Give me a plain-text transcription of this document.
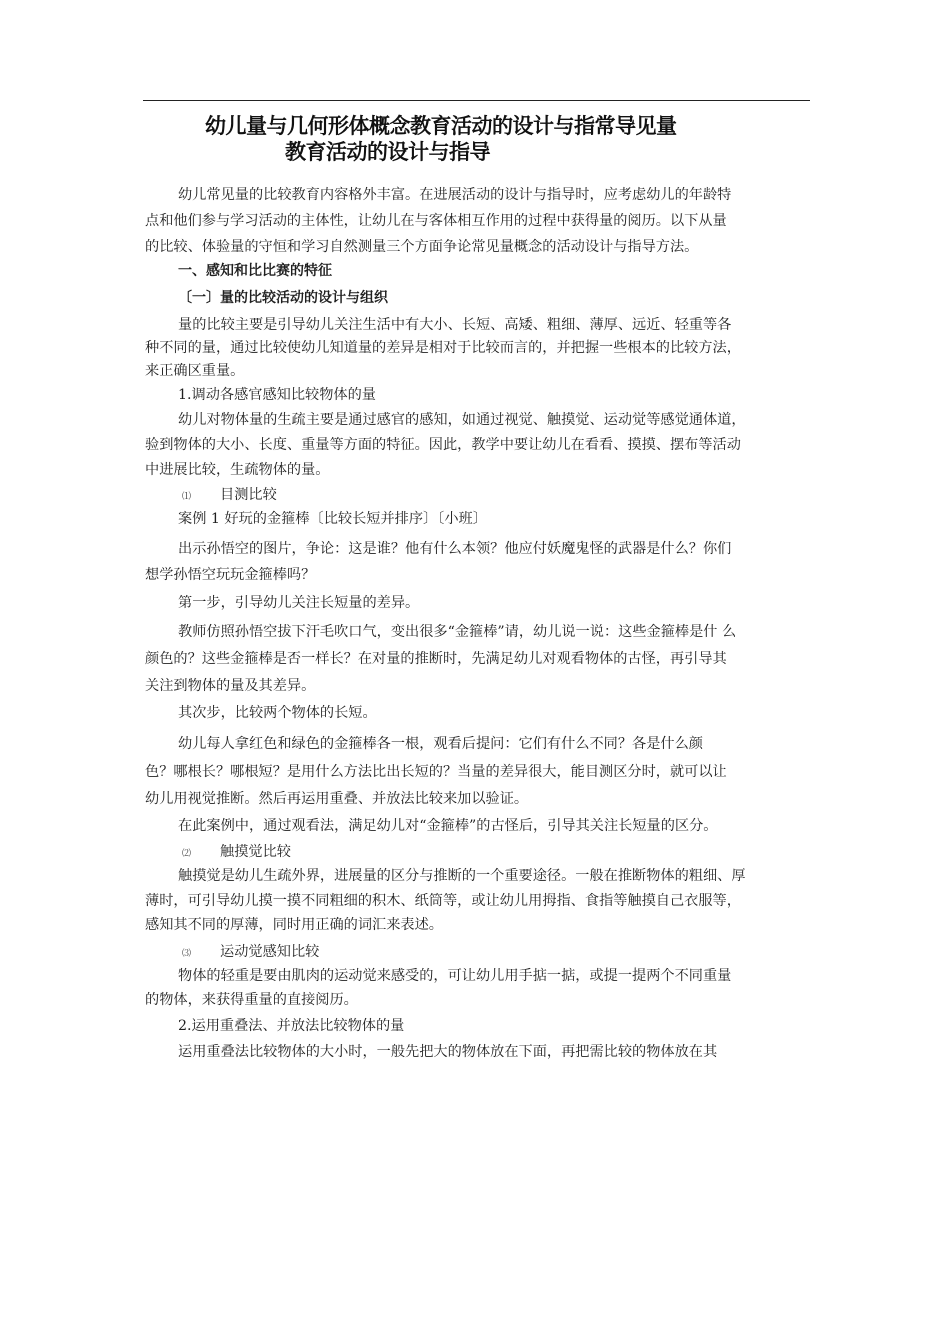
幼儿量与几何形体概念教育活动的设计与指常导见量
教育活动的设计与指导
幼儿常见量的比较教育内容格外丰富。在进展活动的设计与指导时，应考虑幼儿的年龄特
点和他们参与学习活动的主体性，让幼儿在与客体相互作用的过程中获得量的阅历。以下从量
的比较、体验量的守恒和学习自然测量三个方面争论常见量概念的活动设计与指导方法。
一、感知和比比赛的特征
〔一〕量的比较活动的设计与组织
量的比较主要是引导幼儿关注生活中有大小、长短、高矮、粗细、薄厚、远近、轻重等各
种不同的量，通过比较使幼儿知道量的差异是相对于比较而言的，并把握一些根本的比较方法，
来正确区重量。
1.调动各感官感知比较物体的量
幼儿对物体量的生疏主要是通过感官的感知，如通过视觉、触摸觉、运动觉等感觉通体道，
验到物体的大小、长度、重量等方面的特征。因此，教学中要让幼儿在看看、摸摸、摆布等活动
中进展比较，生疏物体的量。
⑴ 目测比较
案例 1 好玩的金箍棒〔比较长短并排序〕〔小班〕
出示孙悟空的图片，争论：这是谁？他有什么本领？他应付妖魔鬼怪的武器是什么？你们
想学孙悟空玩玩金箍棒吗？
第一步，引导幼儿关注长短量的差异。
教师仿照孙悟空拔下汗毛吹口气，变出很多“金箍棒”请，幼儿说一说：这些金箍棒是什 么
颜色的？这些金箍棒是否一样长？在对量的推断时，先满足幼儿对观看物体的古怪，再引导其
关注到物体的量及其差异。
其次步，比较两个物体的长短。
幼儿每人拿红色和绿色的金箍棒各一根，观看后提问：它们有什么不同？各是什么颜
色？哪根长？哪根短？是用什么方法比出长短的？当量的差异很大，能目测区分时，就可以让
幼儿用视觉推断。然后再运用重叠、并放法比较来加以验证。
在此案例中，通过观看法，满足幼儿对“金箍棒”的古怪后，引导其关注长短量的区分。
⑵ 触摸觉比较
触摸觉是幼儿生疏外界，进展量的区分与推断的一个重要途径。一般在推断物体的粗细、厚
薄时，可引导幼儿摸一摸不同粗细的积木、纸筒等，或让幼儿用拇指、食指等触摸自己衣服等，
感知其不同的厚薄，同时用正确的词汇来表述。
⑶ 运动觉感知比较
物体的轻重是要由肌肉的运动觉来感受的，可让幼儿用手掂一掂，或提一提两个不同重量
的物体，来获得重量的直接阅历。
2.运用重叠法、并放法比较物体的量
运用重叠法比较物体的大小时，一般先把大的物体放在下面，再把需比较的物体放在其
